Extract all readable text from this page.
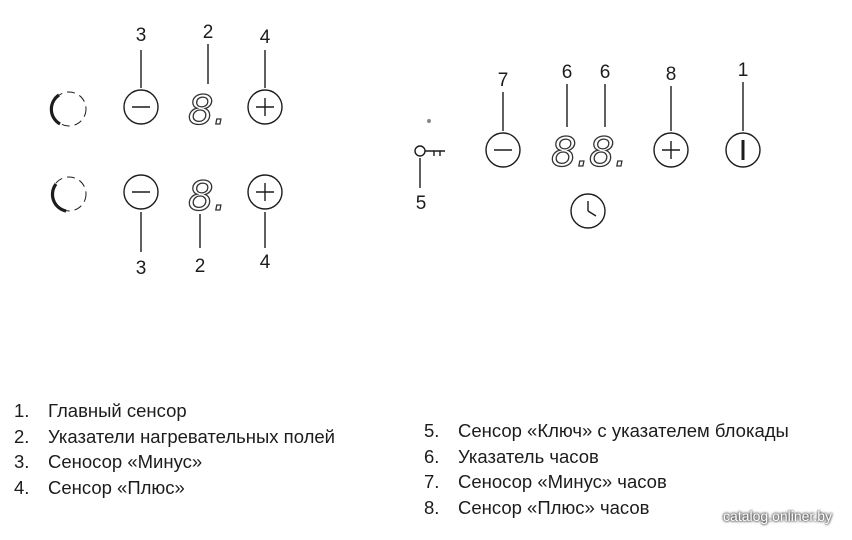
3	2 4
3	2	4
7	6 6	8	1
5
8.
8.
8. 8.
1. Главный сенсор
2. Указатели нагревательных полей
3. Сеносор «Минус»
4. Сенсор «Плюс»
5. Сенсор «Ключ» с указателем блокады
6. Указатель часов
7. Сеносор «Минус» часов
8. Сенсор «Плюс» часов	catalog.onliner.by
